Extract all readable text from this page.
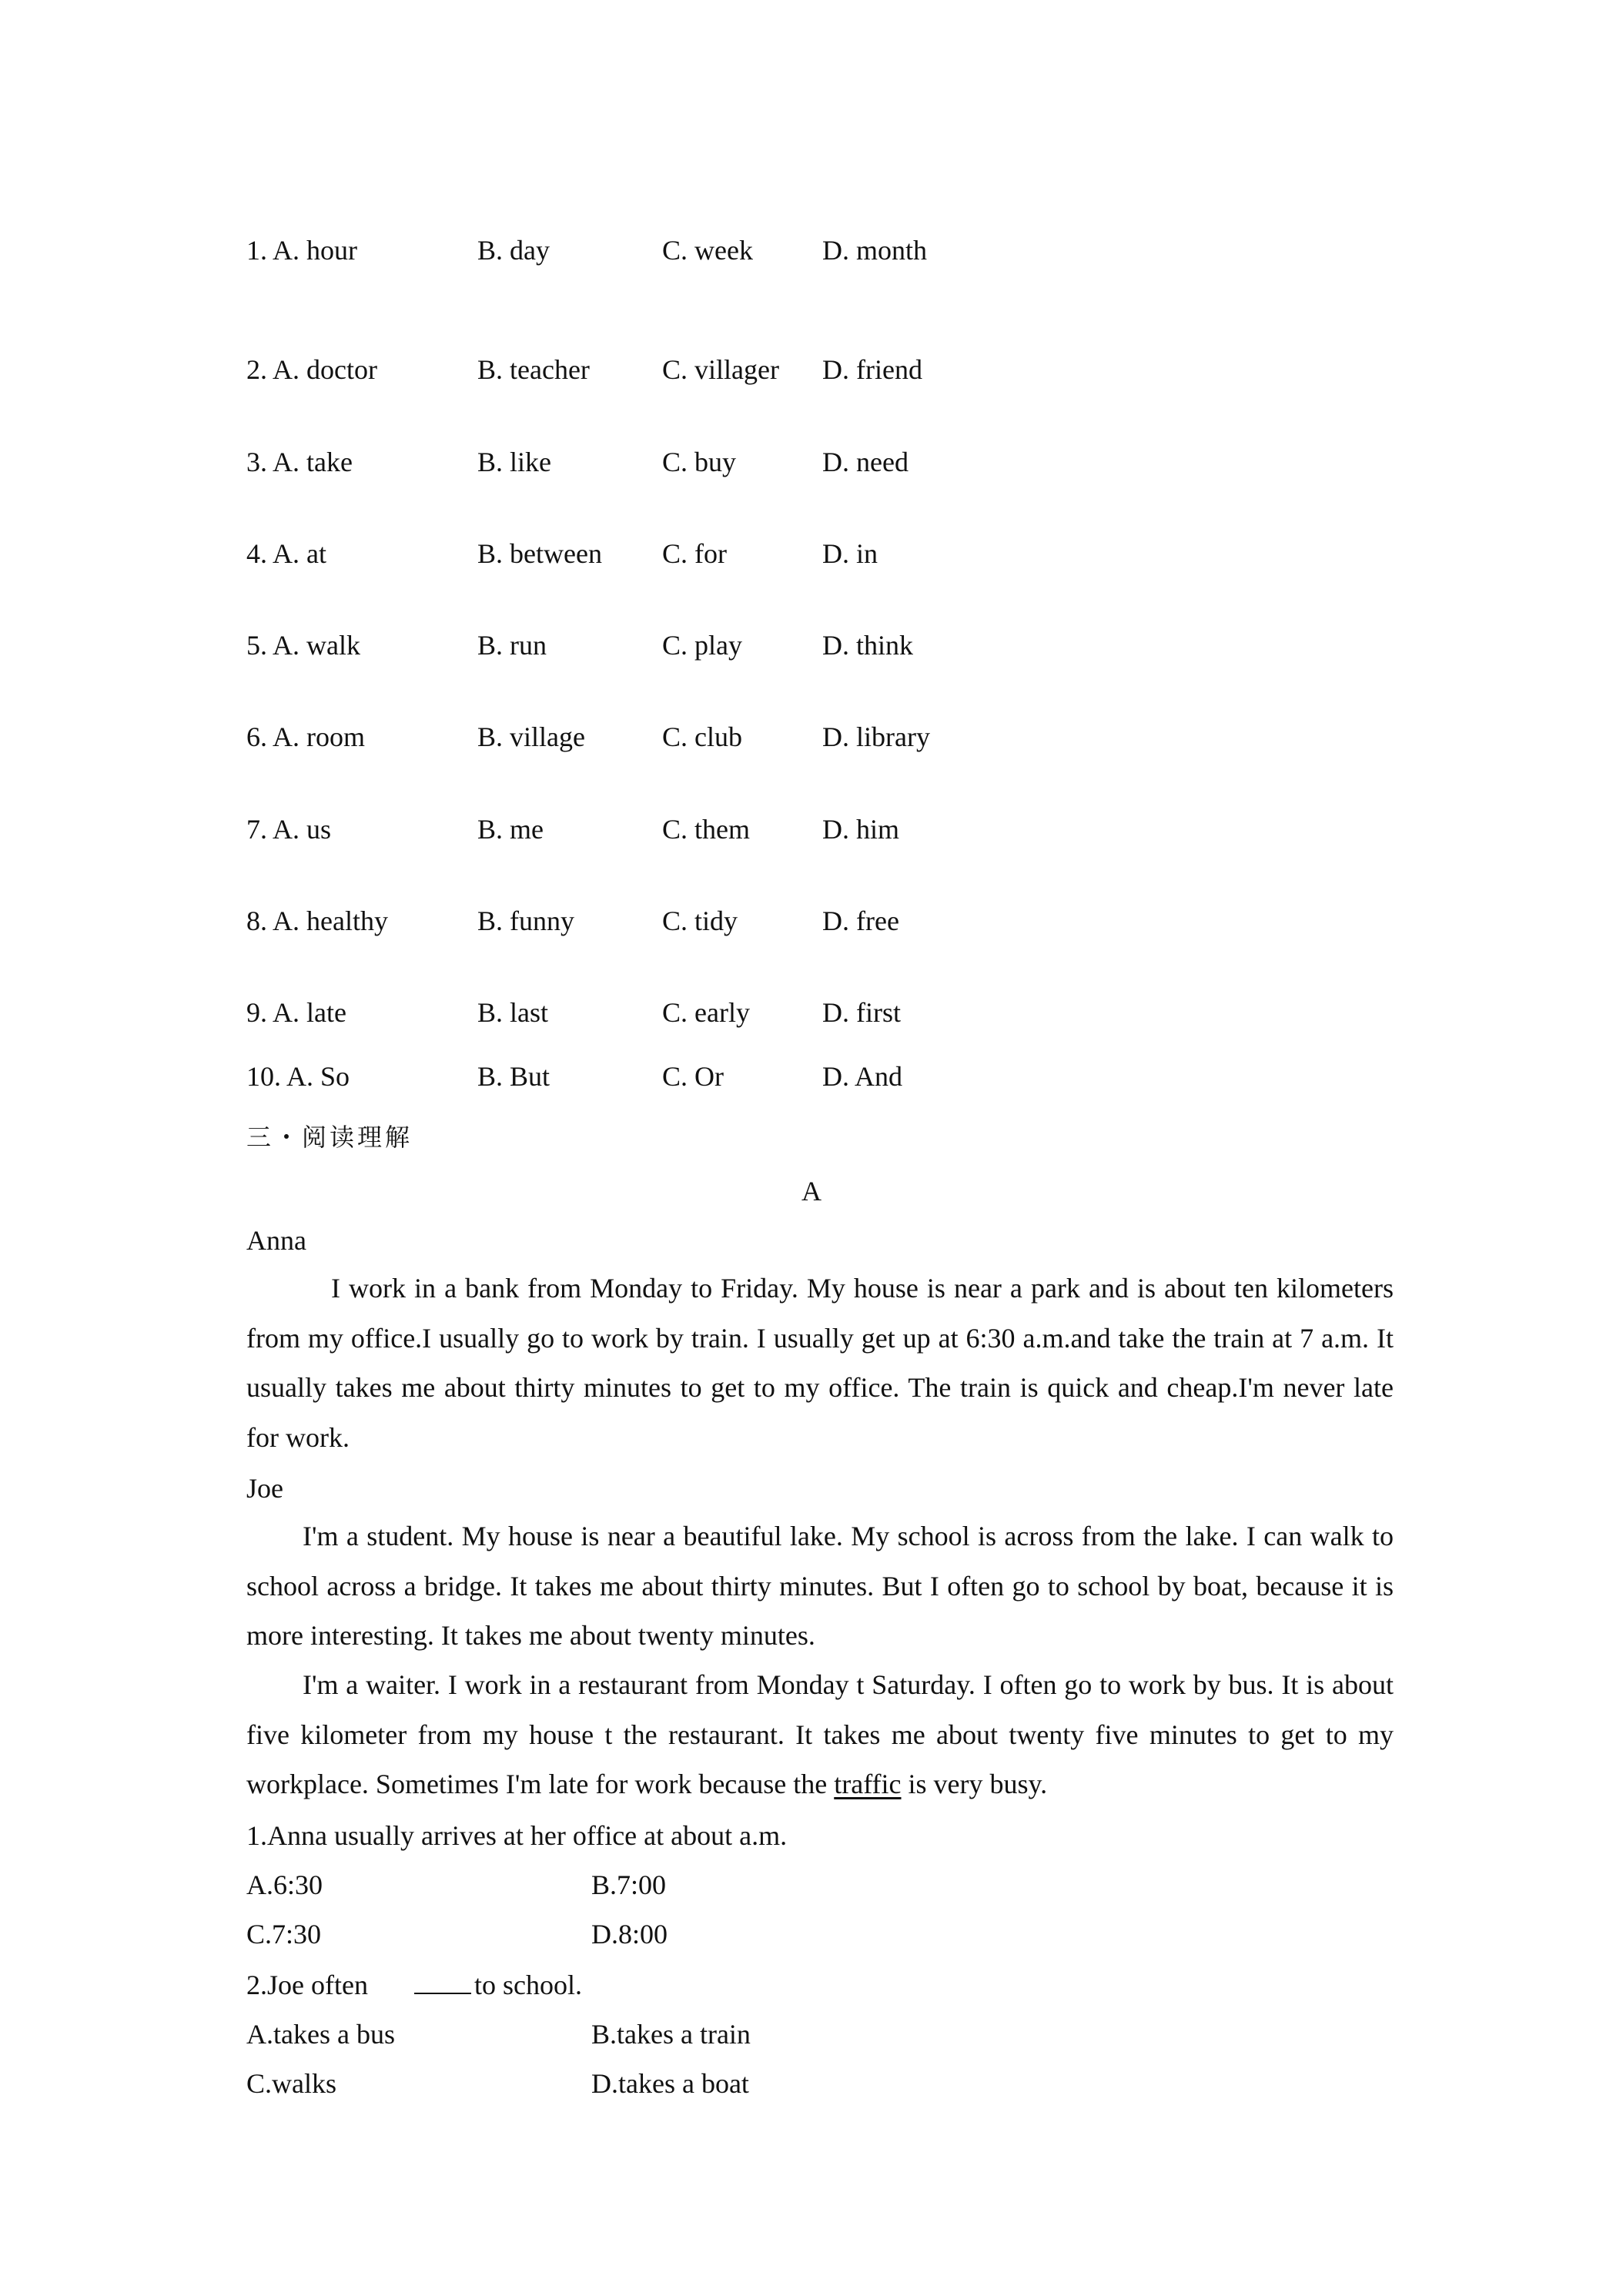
1. A. hour	B. day	C. week	D. month
2. A. doctor	B. teacher	C. villager D. friend
3. A. take	B. like	C. buy	D. need
4. A. at	B. between C. for	D. in
5. A. walk	B. run	C. play	D. think
6. A. room	B. village	C. club	D. library
7. A. us	B. me	C. them	D. him
8. A. healthy	B. funny	C. tidy	D. free
9. A. late	B. last	C. early	D. first
10. A. So	B. But	C. Or	D. And
三・阅读理解
A
Anna
I work in a bank from Monday to Friday. My house is near a park and is about ten kilometers from my office.I usually go to work by train. I usually get up at 6:30 a.m.and take the train at 7 a.m. It usually takes me about thirty minutes to get to my office. The train is quick and cheap.I'm never late for work.
Joe
I'm a student. My house is near a beautiful lake. My school is across from the lake. I can walk to school across a bridge. It takes me about thirty minutes. But I often go to school by boat, because it is more interesting. It takes me about twenty minutes.
I'm a waiter. I work in a restaurant from Monday t Saturday. I often go to work by bus. It is about five kilometer from my house t the restaurant. It takes me about twenty five minutes to get to my workplace. Sometimes I'm late for work because the traffic is very busy.
1.Anna usually arrives at her office at about a.m.
A.6:30	B.7:00
C.7:30	D.8:00
2.Joe often	to school.
A.takes a bus	B.takes a train
C.walks	D.takes a boat
